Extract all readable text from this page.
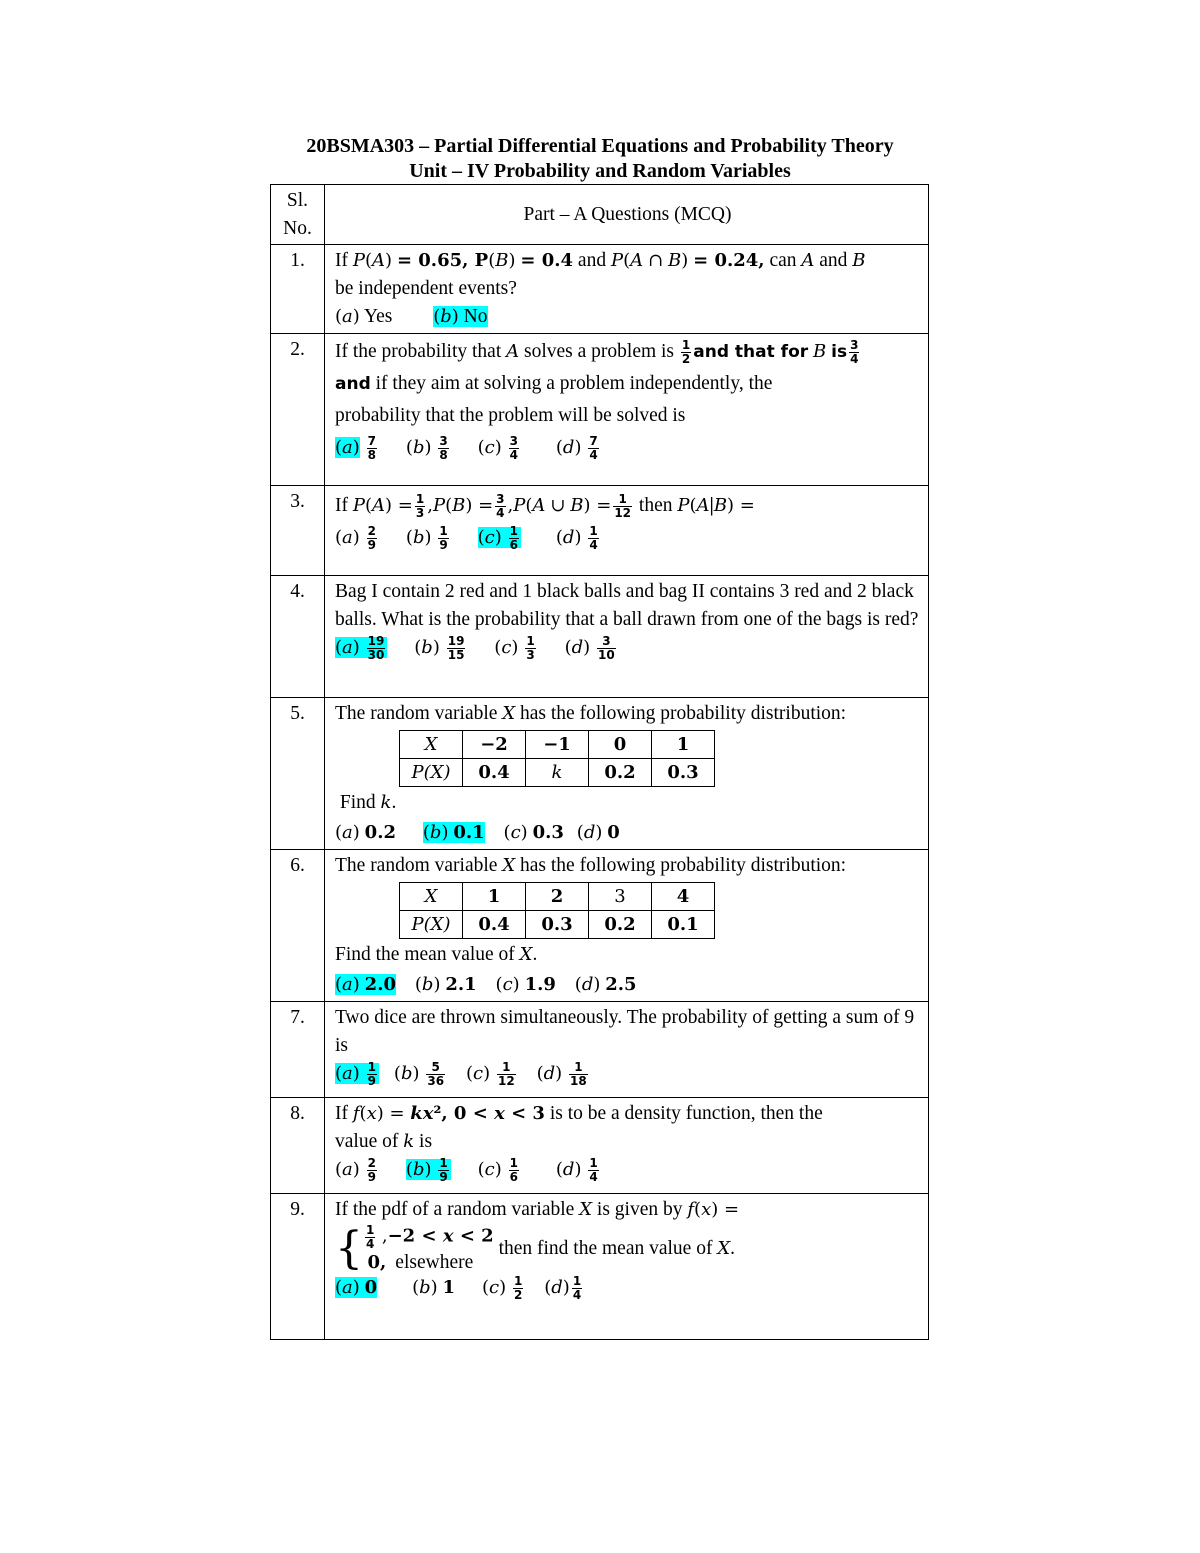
20BSMA303 – Partial Differential Equations and Probability Theory
Unit – IV Probability and Random Variables
Sl.
No.	Part – A Questions (MCQ)
1.	If P(A) = 0.65, P(B) = 0.4 and P(A ∩ B) = 0.24, can A and B
be independent events?
(a) Yes (b) No

2.	If the probability that A solves a problem is $\frac{1}{2}$ and that for B is $\frac{3}{4}$

and if they aim at solving a problem independently, the
probability that the problem will be solved is
$(a) \frac{7}{8} (b) \frac{3}{8} (c) \frac{3}{4} (d) \frac{7}{4}$

3.	If $P(A) = \frac{1}{3} ,P(B) = \frac{3}{4} ,P(A$ ∪ $B) = \frac{1}{12}$ then P(A|B) =
$(a) \frac{2}{9} (b) \frac{1}{9} (c) \frac{1}{6} (d) \frac{1}{4}$

4.	Bag I contain 2 red and 1 black balls and bag II contains 3 red and 2 black balls. What is the probability that a ball drawn from one of the bags is red?
$(a) \frac{19}{30} (b) \frac{19}{15} (c) \frac{1}{3} (d) \frac{3}{10}$

5.	The random variable X has the following probability distribution:
X	−2	−1	0	1
P(X)	0.4	k	0.2	0.3
Find k.
(a) 0.2 (b) 0.1 (c) 0.3 (d) 0

6.	The random variable X has the following probability distribution:
X	1	2	3	4
P(X)	0.4	0.3	0.2	0.1
Find the mean value of X.
(a) 2.0 (b) 2.1 (c) 1.9 (d) 2.5

7.	Two dice are thrown simultaneously. The probability of getting a sum of 9 is
$(a) \frac{1}{9} (b) \frac{5}{36} (c) \frac{1}{12} (d) \frac{1}{18}$

8.	If f(x) = kx², 0 < x < 3 is to be a density function, then the
value of k is
$(a) \frac{2}{9} (b) \frac{1}{9} (c) \frac{1}{6} (d) \frac{1}{4}$

9.	If the pdf of a random variable X is given by f(x) =
{ $\frac{1}{4} ,-2 < x < 2$
0, elsewhere
then find the mean value of X.
(a) 0 (b) 1 $(c) \frac{1}{2} (d) \frac{1}{4}$
